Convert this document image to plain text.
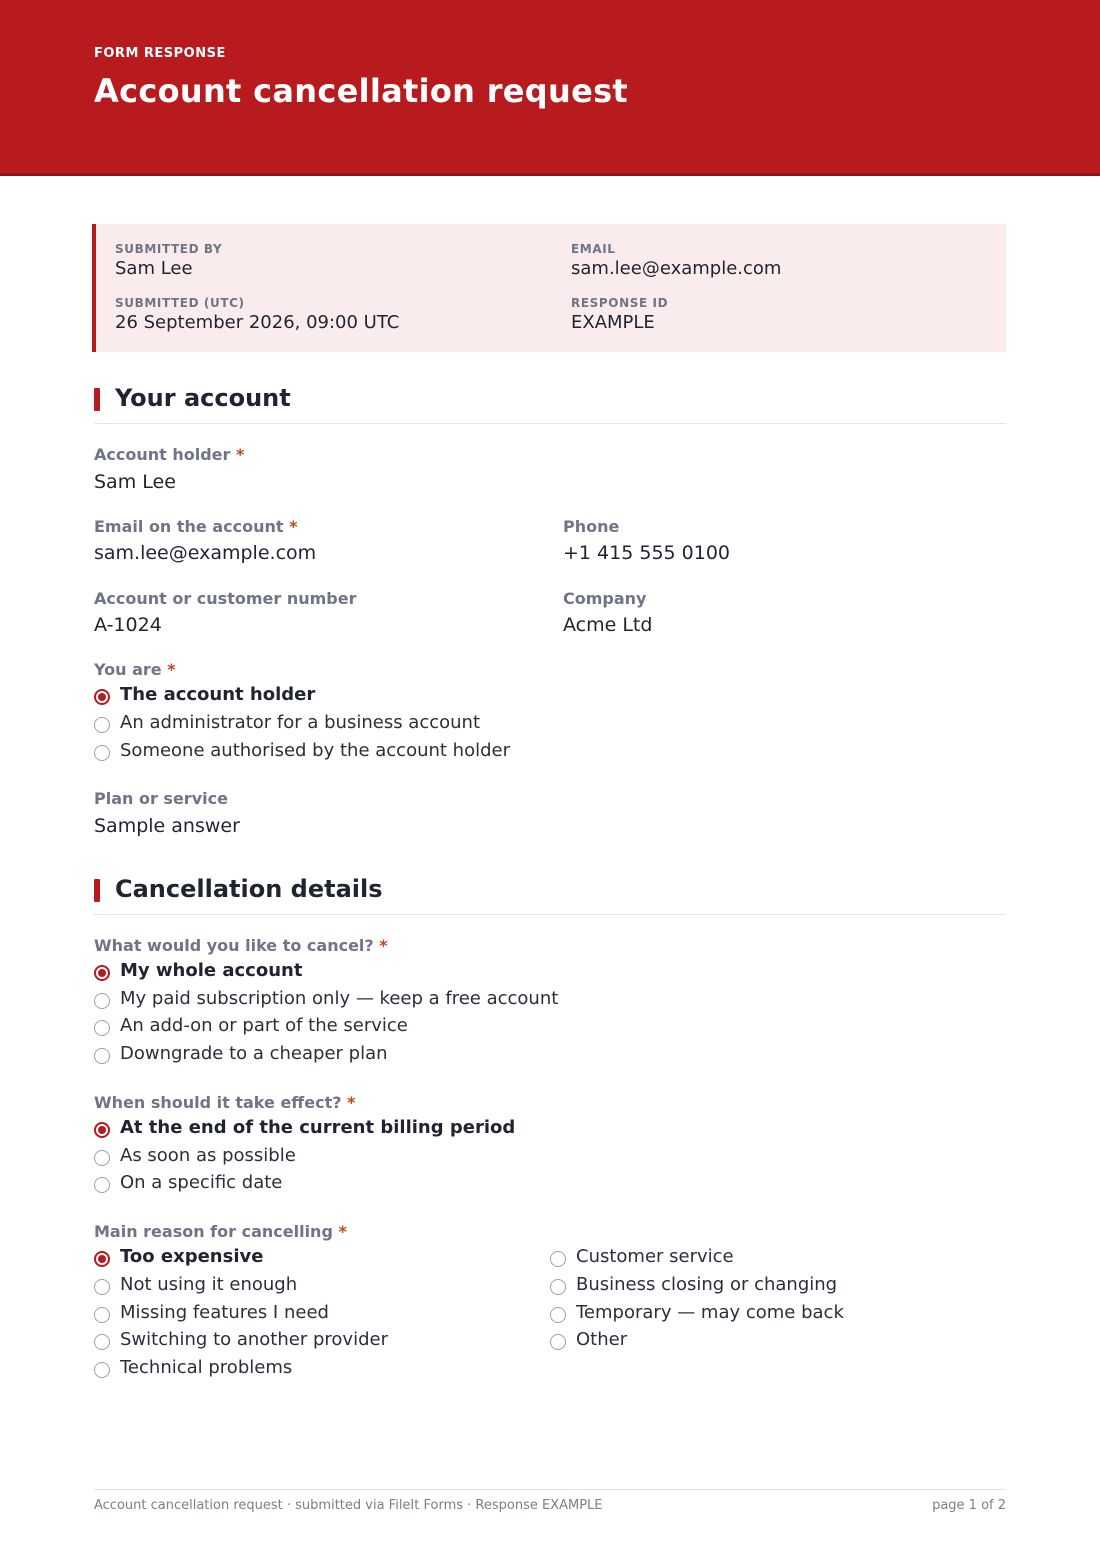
FORM RESPONSE
Account cancellation request
SUBMITTED BY
Sam Lee
SUBMITTED (UTC)
26 September 2026, 09:00 UTC
EMAIL
sam.lee@example.com
RESPONSE ID
EXAMPLE
Your account
Account holder *
Sam Lee
Email on the account *
sam.lee@example.com
Phone
+1 415 555 0100
Account or customer number
A-1024
Company
Acme Ltd
You are *
Plan or service
Sample answer
Cancellation details
What would you like to cancel? *
When should it take effect? *
Main reason for cancelling *
Account cancellation request · submitted via FileIt Forms · Response EXAMPLE	page 1 of 2
The account holder
An administrator for a business account
Someone authorised by the account holder
My whole account
My paid subscription only — keep a free account
An add-on or part of the service
Downgrade to a cheaper plan
At the end of the current billing period
As soon as possible
On a specific date
Too expensive
Not using it enough
Missing features I need
Switching to another provider
Technical problems
Customer service
Business closing or changing
Temporary — may come back
Other
